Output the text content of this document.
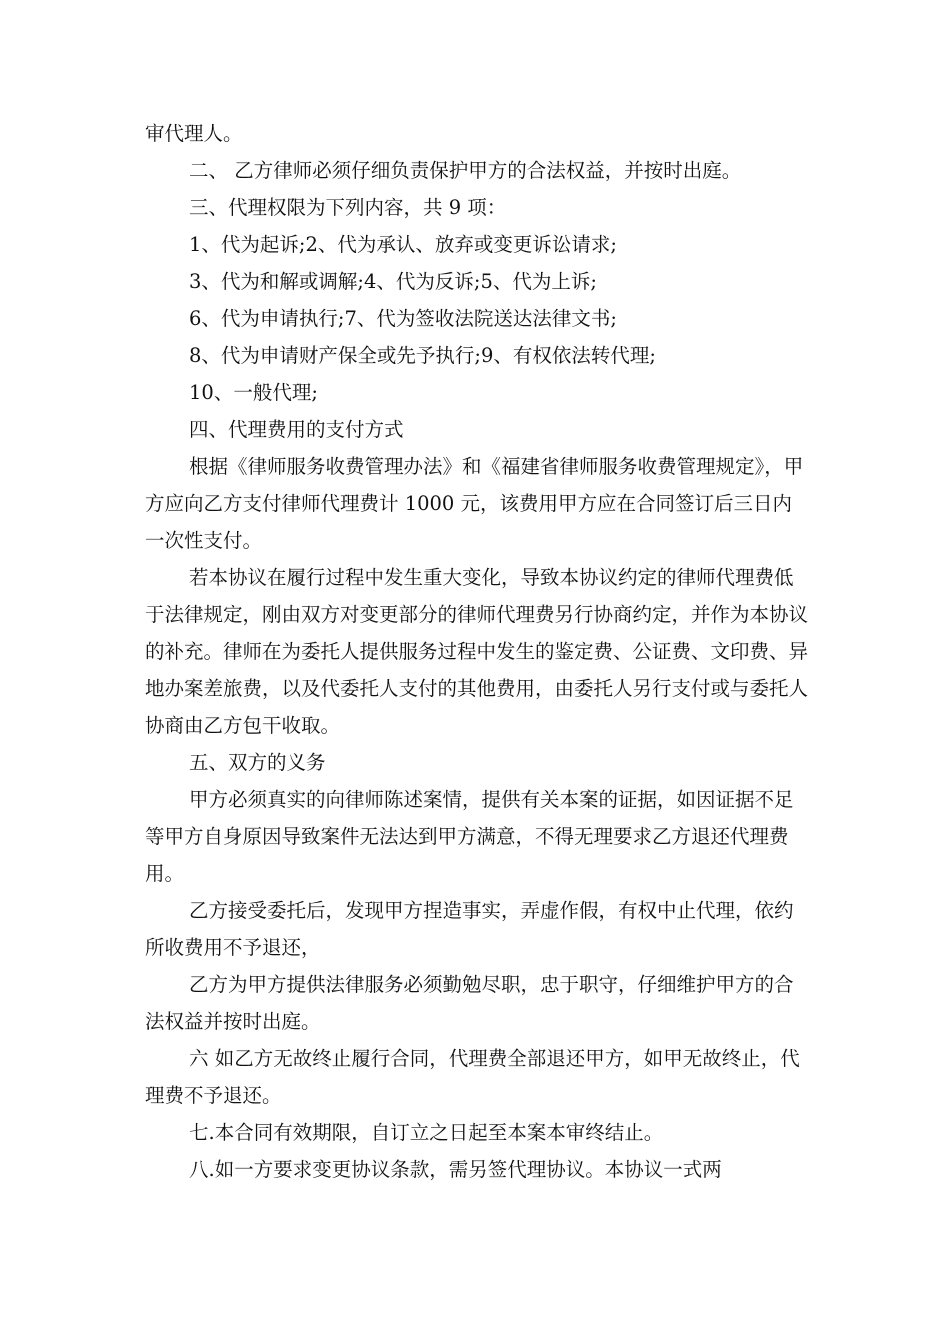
审代理人。

二、 乙方律师必须仔细负责保护甲方的合法权益，并按时出庭。

三、代理权限为下列内容，共 9 项：

1、代为起诉;2、代为承认、放弃或变更诉讼请求;

3、代为和解或调解;4、代为反诉;5、代为上诉;

6、代为申请执行;7、代为签收法院送达法律文书;

8、代为申请财产保全或先予执行;9、有权依法转代理;

10、一般代理;

四、代理费用的支付方式

根据《律师服务收费管理办法》和《福建省律师服务收费管理规定》，甲方应向乙方支付律师代理费计 1000 元，该费用甲方应在合同签订后三日内一次性支付。

若本协议在履行过程中发生重大变化，导致本协议约定的律师代理费低于法律规定，刚由双方对变更部分的律师代理费另行协商约定，并作为本协议的补充。律师在为委托人提供服务过程中发生的鉴定费、公证费、文印费、异地办案差旅费，以及代委托人支付的其他费用，由委托人另行支付或与委托人协商由乙方包干收取。

五、双方的义务

甲方必须真实的向律师陈述案情，提供有关本案的证据，如因证据不足等甲方自身原因导致案件无法达到甲方满意，不得无理要求乙方退还代理费用。

乙方接受委托后，发现甲方捏造事实，弄虚作假，有权中止代理，依约所收费用不予退还，

乙方为甲方提供法律服务必须勤勉尽职，忠于职守，仔细维护甲方的合法权益并按时出庭。

六 如乙方无故终止履行合同，代理费全部退还甲方，如甲无故终止，代理费不予退还。

七.本合同有效期限，自订立之日起至本案本审终结止。

八.如一方要求变更协议条款，需另签代理协议。本协议一式两
